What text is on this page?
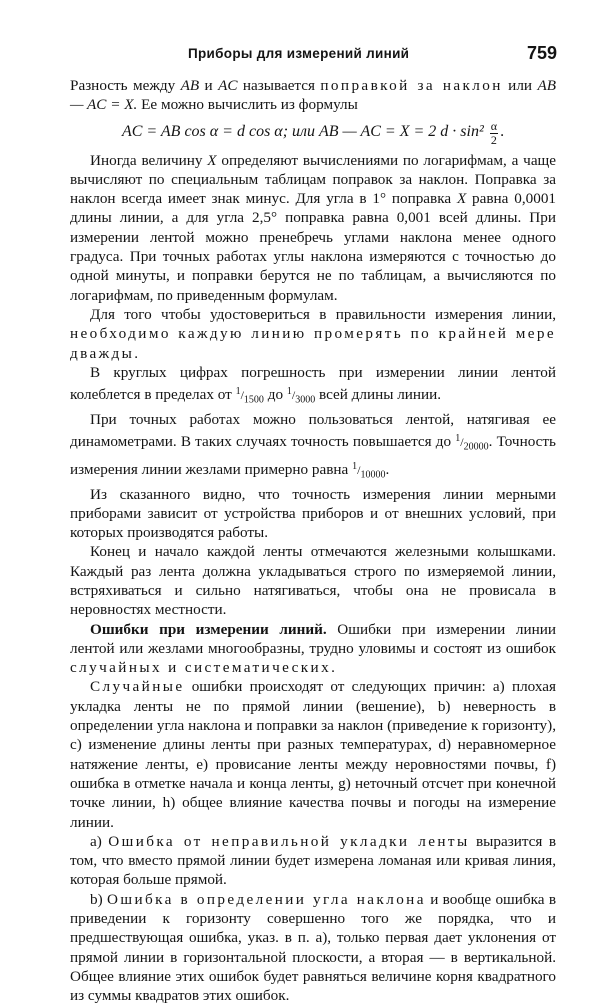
Приборы для измерений линий	759

Разность между AB и AC называется поправкой за наклон или AB — AC = X. Ее можно вычислить из формулы

AC = AB cos α = d cos α; или AB — AC = X = 2 $d \cdot \sin^2 \frac{\alpha}{2}$ .

Иногда величину X определяют вычислениями по логарифмам, а чаще вычисляют по специальным таблицам поправок за наклон. Поправка за наклон всегда имеет знак минус. Для угла в 1° поправка X равна 0,0001 длины линии, а для угла 2,5° поправка равна 0,001 всей длины. При измерении лентой можно пренебречь углами наклона менее одного градуса. При точных работах углы наклона измеряются с точностью до одной минуты, и поправки берутся не по таблицам, а вычисляются по логарифмам, по приведенным формулам.

Для того чтобы удостовериться в правильности измерения линии, необходимо каждую линию промерять по крайней мере дважды.

В круглых цифрах погрешность при измерении линии лентой колеблется в пределах от $^1/_{1500}$ до $^1/_{3000}$ всей длины линии.

При точных работах можно пользоваться лентой, натягивая ее динамометрами. В таких случаях точность повышается до $^1/_{20000}$. Точность измерения линии жезлами примерно равна $^1/_{10000}$.

Из сказанного видно, что точность измерения линии мерными приборами зависит от устройства приборов и от внешних условий, при которых производятся работы.

Конец и начало каждой ленты отмечаются железными колышками. Каждый раз лента должна укладываться строго по измеряемой линии, встряхиваться и сильно натягиваться, чтобы она не провисала в неровностях местности.

Ошибки при измерении линий. Ошибки при измерении линии лентой или жезлами многообразны, трудно уловимы и состоят из ошибок случайных и систематических.

Случайные ошибки происходят от следующих причин: a) плохая укладка ленты не по прямой линии (вешение), b) неверность в определении угла наклона и поправки за наклон (приведение к горизонту), c) изменение длины ленты при разных температурах, d) неравномерное натяжение ленты, e) провисание ленты между неровностями почвы, f) ошибка в отметке начала и конца ленты, g) неточный отсчет при конечной точке линии, h) общее влияние качества почвы и погоды на измерение линии.

a) Ошибка от неправильной укладки ленты выразится в том, что вместо прямой линии будет измерена ломаная или кривая линия, которая больше прямой.

b) Ошибка в определении угла наклона и вообще ошибка в приведении к горизонту совершенно того же порядка, что и предшествующая ошибка, указ. в п. a), только первая дает уклонения от прямой линии в горизонтальной плоскости, а вторая — в вертикальной. Общее влияние этих ошибок будет равняться величине корня квадратного из суммы квадратов этих ошибок.
